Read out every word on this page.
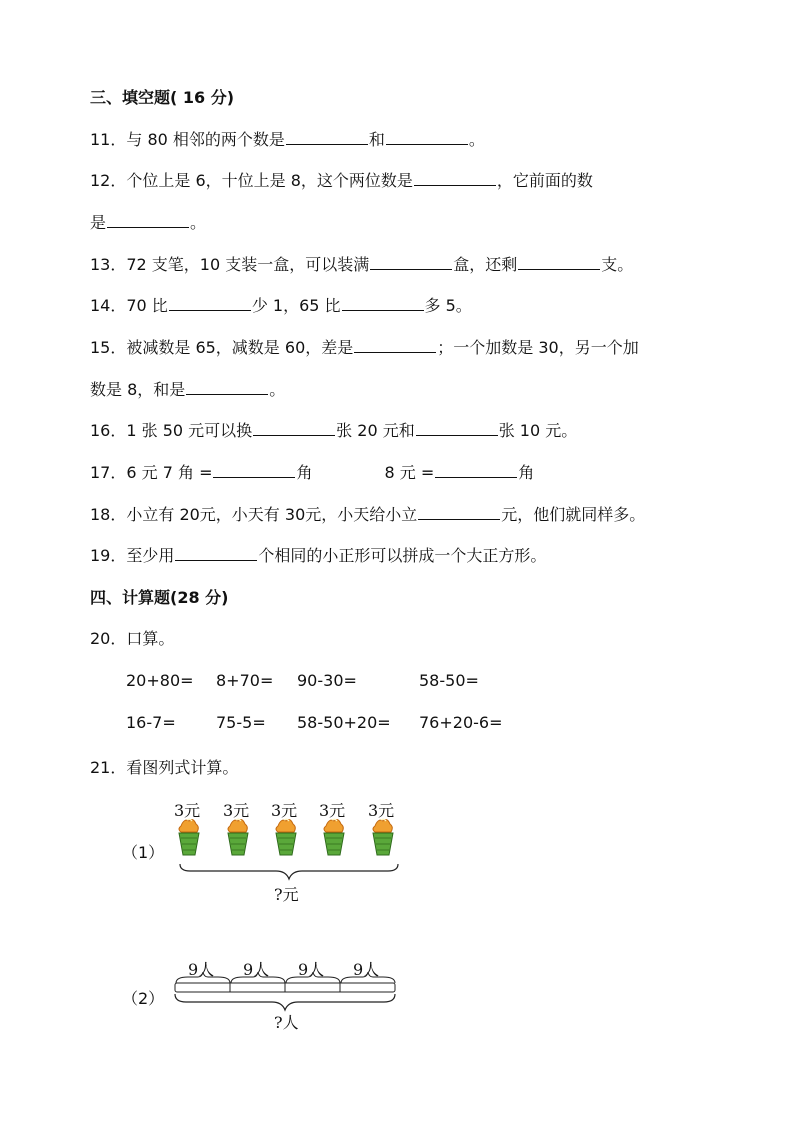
三、填空题( 16 分)
11．与 80 相邻的两个数是	和	。
12．个位上是 6，十位上是 8，这个两位数是	，它前面的数
是	。
13．72 支笔，10 支装一盒，可以装满	盒，还剩	支。
14．70 比	少 1，65 比	多 5。
15．被减数是 65，减数是 60，差是	；一个加数是 30，另一个加
数是 8，和是	。
16．1 张 50 元可以换	张 20 元和	张 10 元。
17．6 元 7 角 =	角	8 元 =	角
18．小立有 20元，小天有 30元，小天给小立	元，他们就同样多。
19．至少用	个相同的小正形可以拼成一个大正方形。
四、计算题(28 分)
20．口算。
20+80= 8+70= 90-30=	58-50=
16-7=	75-5= 58-50+20= 76+20-6=
21．看图列式计算。
（1）
3元 3元 3元 3元 3元
?元
（2）
9人 9人 9人 9人
?人
